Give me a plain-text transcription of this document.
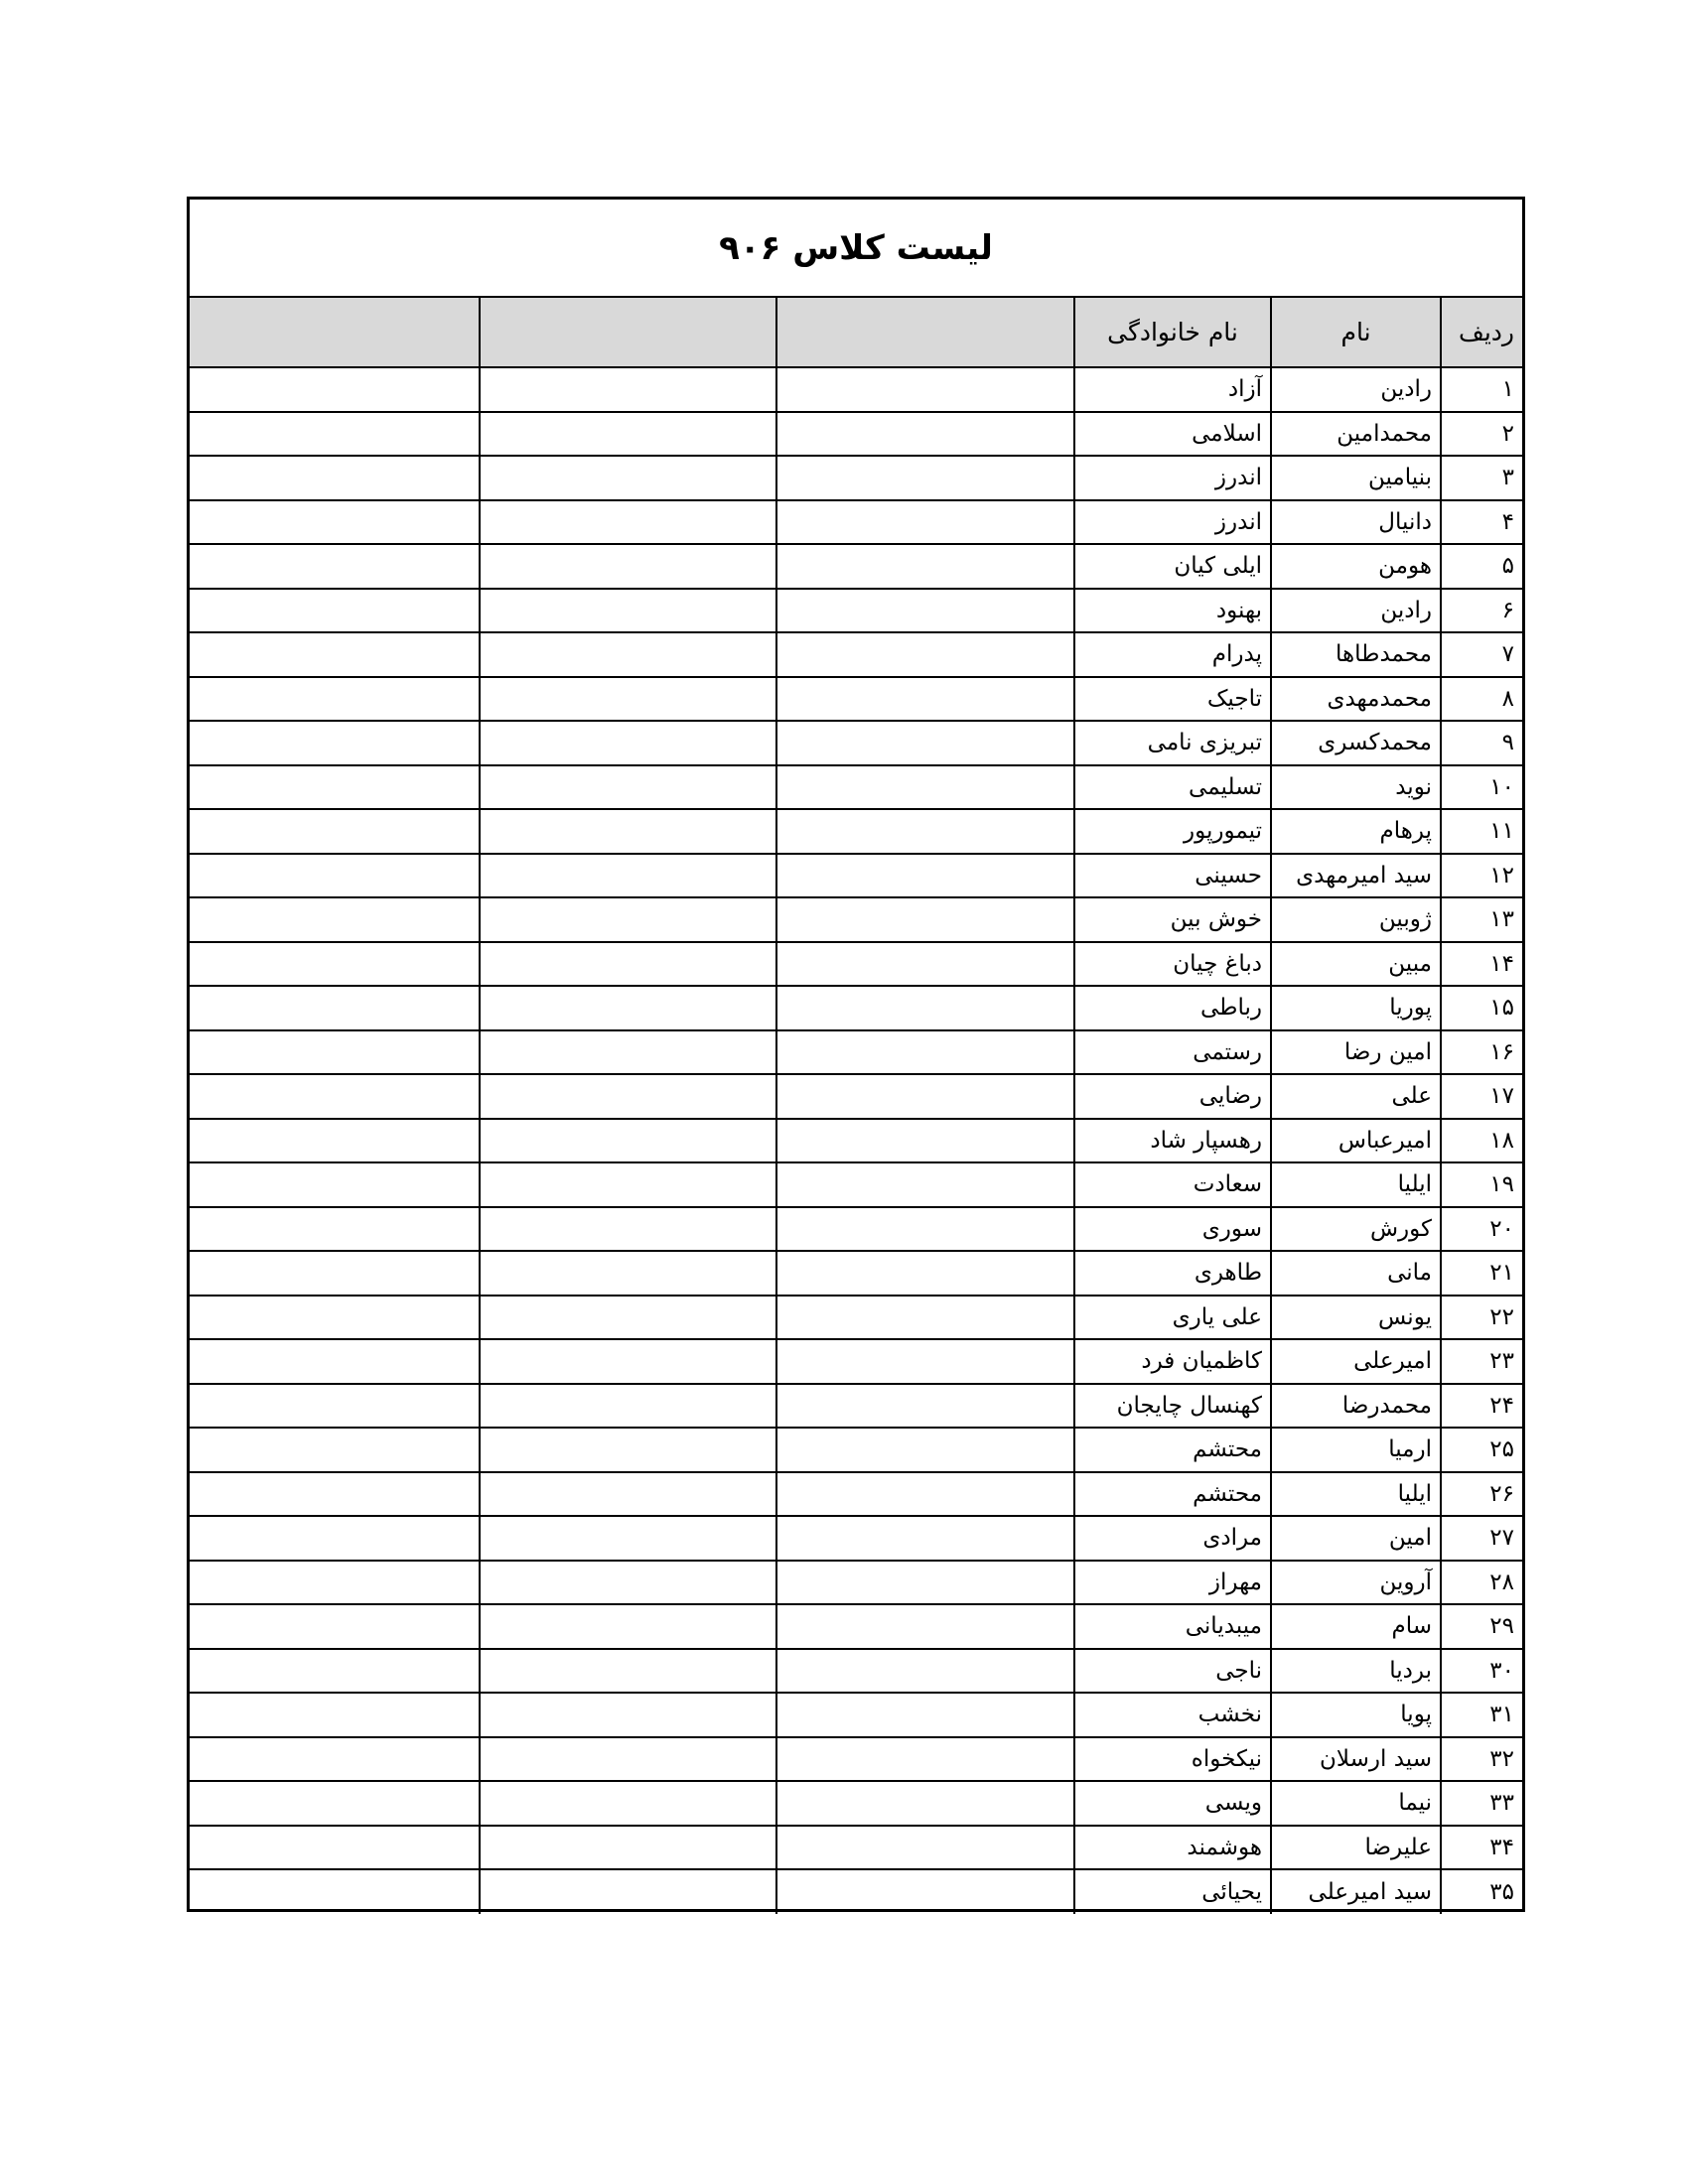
لیست کلاس ۹۰۶
ردیف	نام	نام خانوادگی			
۱	رادین	آزاد			
۲	محمدامین	اسلامی			
۳	بنیامین	اندرز			
۴	دانیال	اندرز			
۵	هومن	ایلی کیان			
۶	رادین	بهنود			
۷	محمدطاها	پدرام			
۸	محمدمهدی	تاجیک			
۹	محمدکسری	تبریزی نامی			
۱۰	نوید	تسلیمی			
۱۱	پرهام	تیمورپور			
۱۲	سید امیرمهدی	حسینی			
۱۳	ژوبین	خوش بین			
۱۴	مبین	دباغ چیان			
۱۵	پوریا	رباطی			
۱۶	امین رضا	رستمی			
۱۷	علی	رضایی			
۱۸	امیرعباس	رهسپار شاد			
۱۹	ایلیا	سعادت			
۲۰	کورش	سوری			
۲۱	مانی	طاهری			
۲۲	یونس	علی یاری			
۲۳	امیرعلی	کاظمیان فرد			
۲۴	محمدرضا	کهنسال چایجان			
۲۵	ارمیا	محتشم			
۲۶	ایلیا	محتشم			
۲۷	امین	مرادی			
۲۸	آروین	مهراز			
۲۹	سام	میبدیانی			
۳۰	بردیا	ناجی			
۳۱	پویا	نخشب			
۳۲	سید ارسلان	نیکخواه			
۳۳	نیما	ویسی			
۳۴	علیرضا	هوشمند			
۳۵	سید امیرعلی	یحیائی			
